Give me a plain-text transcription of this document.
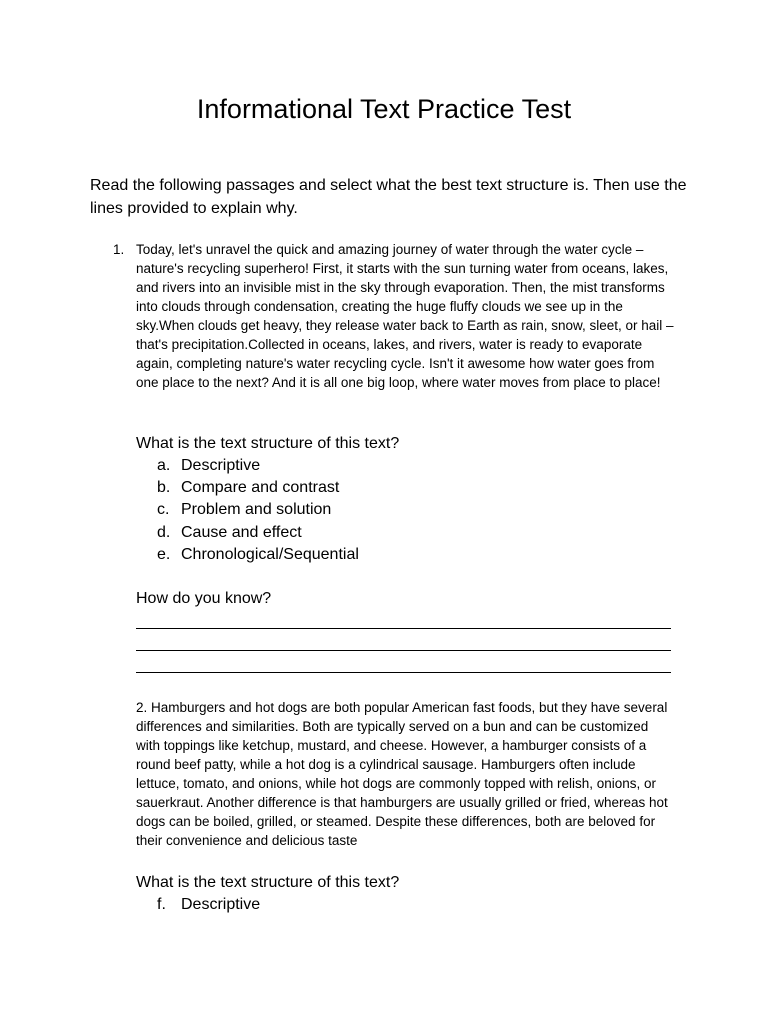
Informational Text Practice Test

Read the following passages and select what the best text structure is. Then use the lines provided to explain why.

1. Today, let's unravel the quick and amazing journey of water through the water cycle – nature's recycling superhero! First, it starts with the sun turning water from oceans, lakes, and rivers into an invisible mist in the sky through evaporation. Then, the mist transforms into clouds through condensation, creating the huge fluffy clouds we see up in the sky.When clouds get heavy, they release water back to Earth as rain, snow, sleet, or hail – that's precipitation.Collected in oceans, lakes, and rivers, water is ready to evaporate again, completing nature's water recycling cycle. Isn't it awesome how water goes from one place to the next? And it is all one big loop, where water moves from place to place!

What is the text structure of this text?

a. Descriptive
b. Compare and contrast
c. Problem and solution
d. Cause and effect
e. Chronological/Sequential

How do you know?

2. Hamburgers and hot dogs are both popular American fast foods, but they have several differences and similarities. Both are typically served on a bun and can be customized with toppings like ketchup, mustard, and cheese. However, a hamburger consists of a round beef patty, while a hot dog is a cylindrical sausage. Hamburgers often include lettuce, tomato, and onions, while hot dogs are commonly topped with relish, onions, or sauerkraut. Another difference is that hamburgers are usually grilled or fried, whereas hot dogs can be boiled, grilled, or steamed. Despite these differences, both are beloved for their convenience and delicious taste

What is the text structure of this text?

f. Descriptive
